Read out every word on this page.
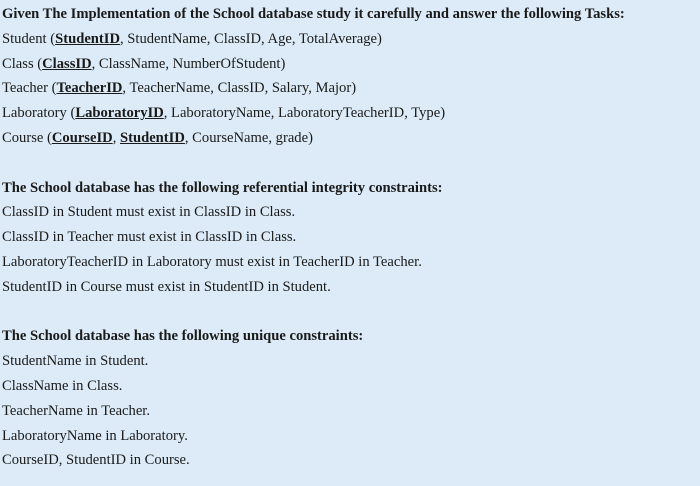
Given The Implementation of the School database study it carefully and answer the following Tasks:
Student (StudentID, StudentName, ClassID, Age, TotalAverage)
Class (ClassID, ClassName, NumberOfStudent)
Teacher (TeacherID, TeacherName, ClassID, Salary, Major)
Laboratory (LaboratoryID, LaboratoryName, LaboratoryTeacherID, Type)
Course (CourseID, StudentID, CourseName, grade)
The School database has the following referential integrity constraints:
ClassID in Student must exist in ClassID in Class.
ClassID in Teacher must exist in ClassID in Class.
LaboratoryTeacherID in Laboratory must exist in TeacherID in Teacher.
StudentID in Course must exist in StudentID in Student.
The School database has the following unique constraints:
StudentName in Student.
ClassName in Class.
TeacherName in Teacher.
LaboratoryName in Laboratory.
CourseID, StudentID in Course.
